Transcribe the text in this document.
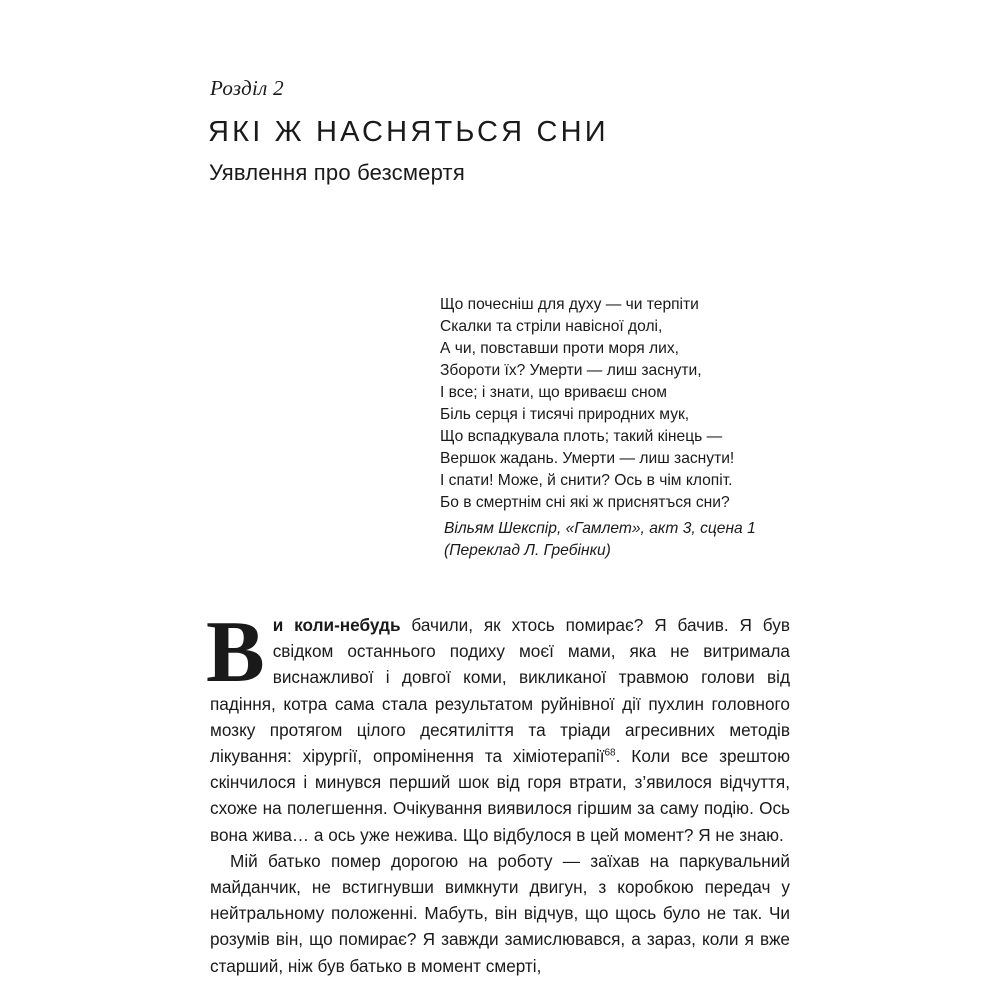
Розділ 2
ЯКІ Ж НАСНЯТЬСЯ СНИ
Уявлення про безсмертя
Що почесніш для духу — чи терпіти
Скалки та стріли навісної долі,
А чи, повставши проти моря лих,
Зборoти їх? Умерти — лиш заснути,
І все; і знати, що вриваєш сном
Біль серця і тисячі природних мук,
Що вспадкувала плоть; такий кінець —
Вершок жадань. Умерти — лиш заснути!
І спати! Може, й снити? Ось в чім клопіт.
Бо в смертнім сні які ж приснятъся сни?
Вільям Шекспір, «Гамлет», акт 3, сцена 1
(Переклад Л. Гребінки)

Ви коли-небудь бачили, як хтось помирає? Я бачив. Я був свідком останнього подиху моєї мами, яка не витримала виснажливої і довгої коми, викликаної травмою голови від падіння, котра сама стала результатом руйнівної дії пухлин головного мозку протягом цілого десятиліття та тріади агресивних методів лікування: хірургії, опромінення та хіміотерапії$^{68}$. Коли все зрештою скінчилося і минувся перший шок від горя втрати, з’явилося відчуття, схоже на полегшення. Очікування виявилося гіршим за саму подію. Ось вона жива… а ось уже нежива. Що відбулося в цей момент? Я не знаю.

Мій батько помер дорогою на роботу — заїхав на паркувальний майданчик, не встигнувши вимкнути двигун, з коробкою передач у нейтральному положенні. Мабуть, він відчув, що щось було не так. Чи розумів він, що помирає? Я завжди замислювався, а зараз, коли я вже старший, ніж був батько в момент смерті,
